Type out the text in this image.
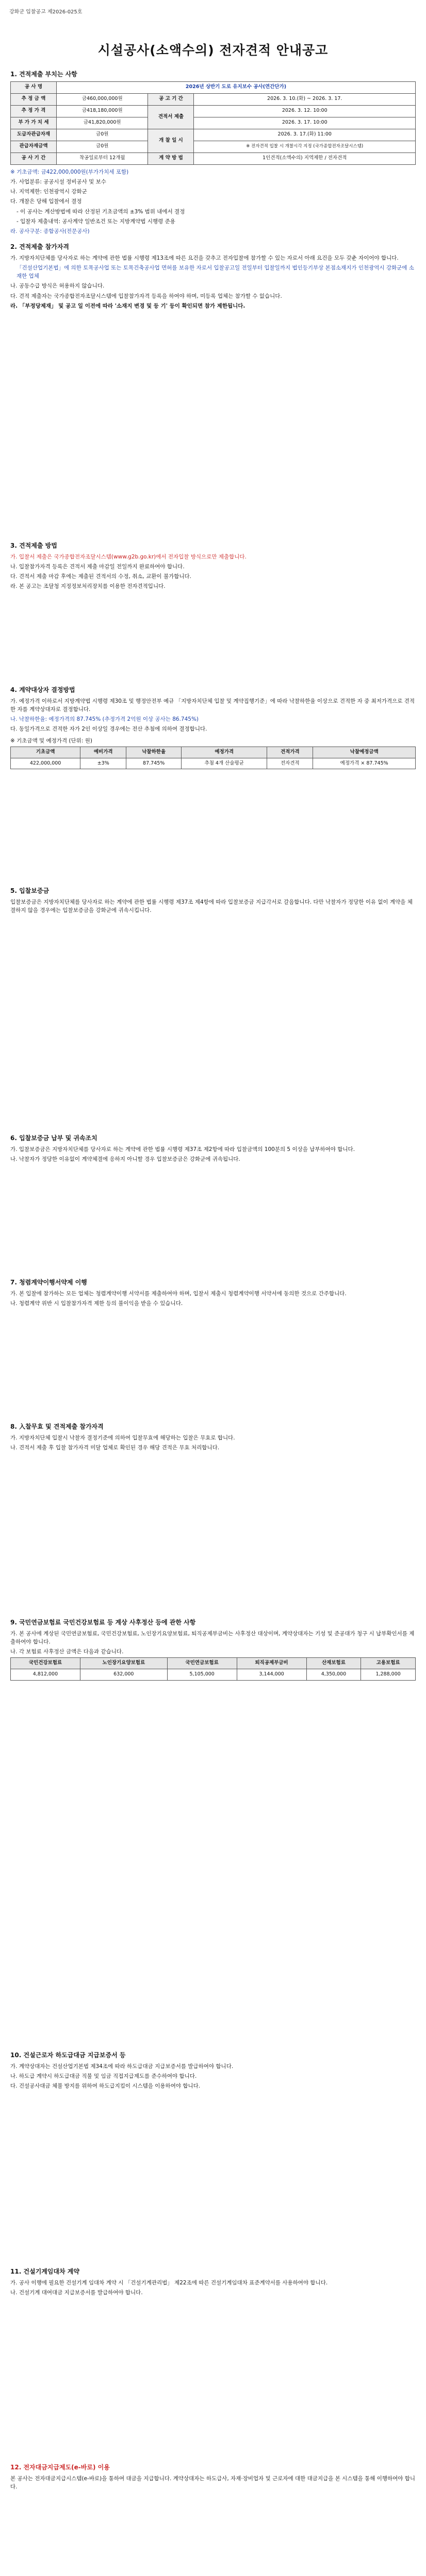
강화군 입찰공고 제2026-025호
시설공사(소액수의) 전자견적 안내공고
1. 견적제출 부치는 사항
공 사 명	2026년 상반기 도로 유지보수 공사(연간단가)		
추 정 금 액	금460,000,000원	공 고 기 간	2026. 3. 10.(화) ~ 2026. 3. 17.
추 정 가 격	금418,180,000원	견적서 제출	2026. 3. 12. 10:00
부 가 가 치 세	금41,820,000원		2026. 3. 17. 10:00
도급자관급자재	금0원	개 찰 일 시	2026. 3. 17.(화) 11:00
관급자재금액	금0원		※ 전자견적 입찰 시 개찰시각 지정 (국가종합전자조달시스템)
공 사 기 간	착공일로부터 12개월	계 약 방 법	1인견적(소액수의) 지역제한 / 전자견적

※ 기초금액: 금422,000,000원(부가가치세 포함)

가. 사업분류: 공공시설 정비공사 및 보수

나. 지역제한: 인천광역시 강화군

다. 개찰은 당해 입찰에서 결정

- 이 공사는 계산방법에 따라 산정된 기초금액의 ±3% 범위 내에서 결정

- 입찰자 제출내역: 공사계약 일반조건 또는 지방계약법 시행령 준용

라. 공사구분: 종합공사(전문공사)

2. 견적제출 참가자격

가. 지방자치단체를 당사자로 하는 계약에 관한 법률 시행령 제13조에 따른 요건을 갖추고 전자입찰에 참가할 수 있는 자로서 아래 요건을 모두 갖춘 자이어야 합니다.

「건설산업기본법」에 의한 토목공사업 또는 토목건축공사업 면허를 보유한 자로서 입찰공고일 전일부터 입찰일까지 법인등기부상 본점소재지가 인천광역시 강화군에 소재한 업체

나. 공동수급 방식은 허용하지 않습니다.

다. 견적 제출자는 국가종합전자조달시스템에 입찰참가자격 등록을 하여야 하며, 미등록 업체는 참가할 수 없습니다.

라. 「부정당제재」 및 공고 일 이전에 따라 '소재지 변경 및 등 기' 등이 확인되면 참가 제한됩니다.

3. 견적제출 방법

가. 입찰서 제출은 국가종합전자조달시스템(www.g2b.go.kr)에서 전자입찰 방식으로만 제출합니다.

나. 입찰참가자격 등록은 견적서 제출 마감일 전일까지 완료하여야 합니다.

다. 견적서 제출 마감 후에는 제출된 견적서의 수정, 취소, 교환이 불가합니다.

라. 본 공고는 조달청 지정정보처리장치를 이용한 전자견적입니다.

4. 계약대상자 결정방법

가. 예정가격 이하로서 지방계약법 시행령 제30조 및 행정안전부 예규 「지방자치단체 입찰 및 계약집행기준」에 따라 낙찰하한율 이상으로 견적한 자 중 최저가격으로 견적한 자를 계약상대자로 결정합니다.

나. 낙찰하한율: 예정가격의 87.745% (추정가격 2억원 이상 공사는 86.745%)

다. 동일가격으로 견적한 자가 2인 이상일 경우에는 전산 추첨에 의하여 결정합니다.

※ 기초금액 및 예정가격 (단위: 원)

기초금액	예비가격	낙찰하한율	예정가격	견적가격	낙찰예정금액
422,000,000	±3%	87.745%	추첨 4개 산술평균	전자견적	예정가격 × 87.745%
5. 입찰보증금

입찰보증금은 지방자치단체를 당사자로 하는 계약에 관한 법률 시행령 제37조 제4항에 따라 입찰보증금 지급각서로 갈음합니다. 다만 낙찰자가 정당한 이유 없이 계약을 체결하지 않을 경우에는 입찰보증금을 강화군에 귀속시킵니다.

6. 입찰보증금 납부 및 귀속조치

가. 입찰보증금은 지방자치단체를 당사자로 하는 계약에 관한 법률 시행령 제37조 제2항에 따라 입찰금액의 100분의 5 이상을 납부하여야 합니다.

나. 낙찰자가 정당한 이유없이 계약체결에 응하지 아니할 경우 입찰보증금은 강화군에 귀속됩니다.

7. 청렴계약이행서약제 이행

가. 본 입찰에 참가하는 모든 업체는 청렴계약이행 서약서를 제출하여야 하며, 입찰서 제출시 청렴계약이행 서약서에 동의한 것으로 간주합니다.

나. 청렴계약 위반 시 입찰참가자격 제한 등의 불이익을 받을 수 있습니다.

8. 入찰무효 및 견적제출 참가자격

가. 지방자치단체 입찰시 낙찰자 결정기준에 의하여 입찰무효에 해당하는 입찰은 무효로 합니다.

나. 견적서 제출 후 입찰 참가자격 미달 업체로 확인된 경우 해당 견적은 무효 처리합니다.

9. 국민연금보험료 국민건강보험료 등 계상 사후정산 등에 관한 사항

가. 본 공사에 계상된 국민연금보험료, 국민건강보험료, 노인장기요양보험료, 퇴직공제부금비는 사후정산 대상이며, 계약상대자는 기성 및 준공대가 청구 시 납부확인서를 제출하여야 합니다.

나. 각 보험료 사후정산 금액은 다음과 같습니다.

국민건강보험료	노인장기요양보험료	국민연금보험료	퇴직공제부금비	산재보험료	고용보험료
4,812,000	632,000	5,105,000	3,144,000	4,350,000	1,288,000
10. 건설근로자 하도급대금 지급보증서 등

가. 계약상대자는 건설산업기본법 제34조에 따라 하도급대금 지급보증서를 발급하여야 합니다.

나. 하도급 계약시 하도급대금 직불 및 임금 직접지급제도를 준수하여야 합니다.

다. 건설공사대금 체불 방지를 위하여 하도급지킴이 시스템을 이용하여야 합니다.

11. 건설기계임대차 계약

가. 공사 이행에 필요한 건설기계 임대차 계약 시 「건설기계관리법」 제22조에 따른 건설기계임대차 표준계약서를 사용하여야 합니다.

나. 건설기계 대여대금 지급보증서를 발급하여야 합니다.

12. 전자대금지급제도(e-바로) 이용

본 공사는 전자대금지급시스템(e-바로)을 통하여 대금을 지급합니다. 계약상대자는 하도급사, 자재·장비업자 및 근로자에 대한 대금지급을 본 시스템을 통해 이행하여야 합니다.
